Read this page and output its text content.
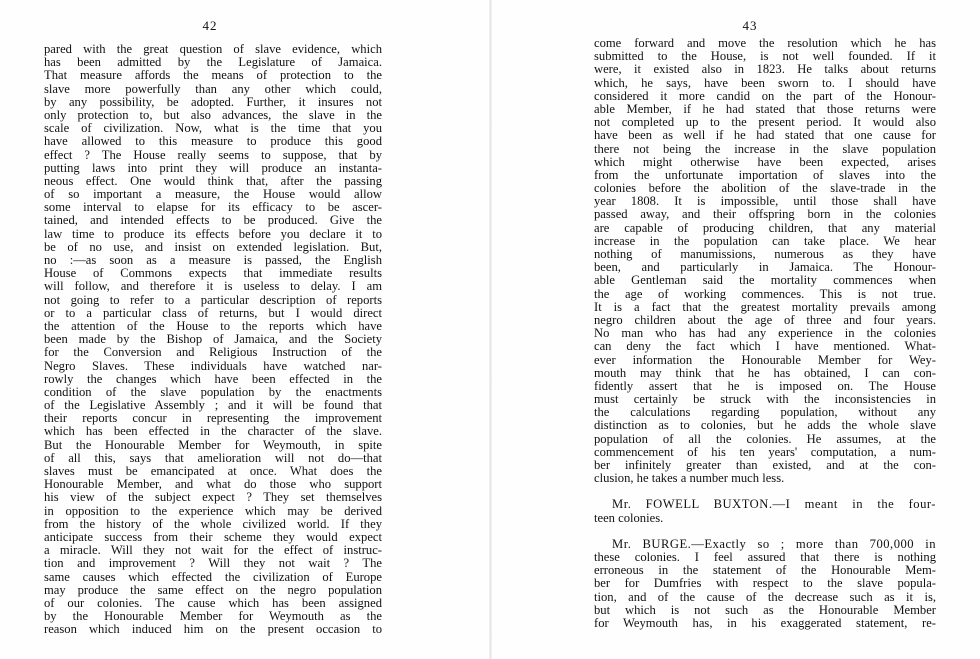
42
pared with the great question of slave evidence, which
has been admitted by the Legislature of Jamaica.
That measure affords the means of protection to the
slave more powerfully than any other which could,
by any possibility, be adopted. Further, it insures not
only protection to, but also advances, the slave in the
scale of civilization. Now, what is the time that you
have allowed to this measure to produce this good
effect ? The House really seems to suppose, that by
putting laws into print they will produce an instanta-
neous effect. One would think that, after the passing
of so important a measure, the House would allow
some interval to elapse for its efficacy to be ascer-
tained, and intended effects to be produced. Give the
law time to produce its effects before you declare it to
be of no use, and insist on extended legislation. But,
no :—as soon as a measure is passed, the English
House of Commons expects that immediate results
will follow, and therefore it is useless to delay. I am
not going to refer to a particular description of reports
or to a particular class of returns, but I would direct
the attention of the House to the reports which have
been made by the Bishop of Jamaica, and the Society
for the Conversion and Religious Instruction of the
Negro Slaves. These individuals have watched nar-
rowly the changes which have been effected in the
condition of the slave population by the enactments
of the Legislative Assembly ; and it will be found that
their reports concur in representing the improvement
which has been effected in the character of the slave.
But the Honourable Member for Weymouth, in spite
of all this, says that amelioration will not do—that
slaves must be emancipated at once. What does the
Honourable Member, and what do those who support
his view of the subject expect ? They set themselves
in opposition to the experience which may be derived
from the history of the whole civilized world. If they
anticipate success from their scheme they would expect
a miracle. Will they not wait for the effect of instruc-
tion and improvement ? Will they not wait ? The
same causes which effected the civilization of Europe
may produce the same effect on the negro population
of our colonies. The cause which has been assigned
by the Honourable Member for Weymouth as the
reason which induced him on the present occasion to
43
come forward and move the resolution which he has
submitted to the House, is not well founded. If it
were, it existed also in 1823. He talks about returns
which, he says, have been sworn to. I should have
considered it more candid on the part of the Honour-
able Member, if he had stated that those returns were
not completed up to the present period. It would also
have been as well if he had stated that one cause for
there not being the increase in the slave population
which might otherwise have been expected, arises
from the unfortunate importation of slaves into the
colonies before the abolition of the slave-trade in the
year 1808. It is impossible, until those shall have
passed away, and their offspring born in the colonies
are capable of producing children, that any material
increase in the population can take place. We hear
nothing of manumissions, numerous as they have
been, and particularly in Jamaica. The Honour-
able Gentleman said the mortality commences when
the age of working commences. This is not true.
It is a fact that the greatest mortality prevails among
negro children about the age of three and four years.
No man who has had any experience in the colonies
can deny the fact which I have mentioned. What-
ever information the Honourable Member for Wey-
mouth may think that he has obtained, I can con-
fidently assert that he is imposed on. The House
must certainly be struck with the inconsistencies in
the calculations regarding population, without any
distinction as to colonies, but he adds the whole slave
population of all the colonies. He assumes, at the
commencement of his ten years' computation, a num-
ber infinitely greater than existed, and at the con-
clusion, he takes a number much less.
Mr. FOWELL BUXTON.—I meant in the four-
teen colonies.
Mr. BURGE.—Exactly so ; more than 700,000 in
these colonies. I feel assured that there is nothing
erroneous in the statement of the Honourable Mem-
ber for Dumfries with respect to the slave popula-
tion, and of the cause of the decrease such as it is,
but which is not such as the Honourable Member
for Weymouth has, in his exaggerated statement, re-
